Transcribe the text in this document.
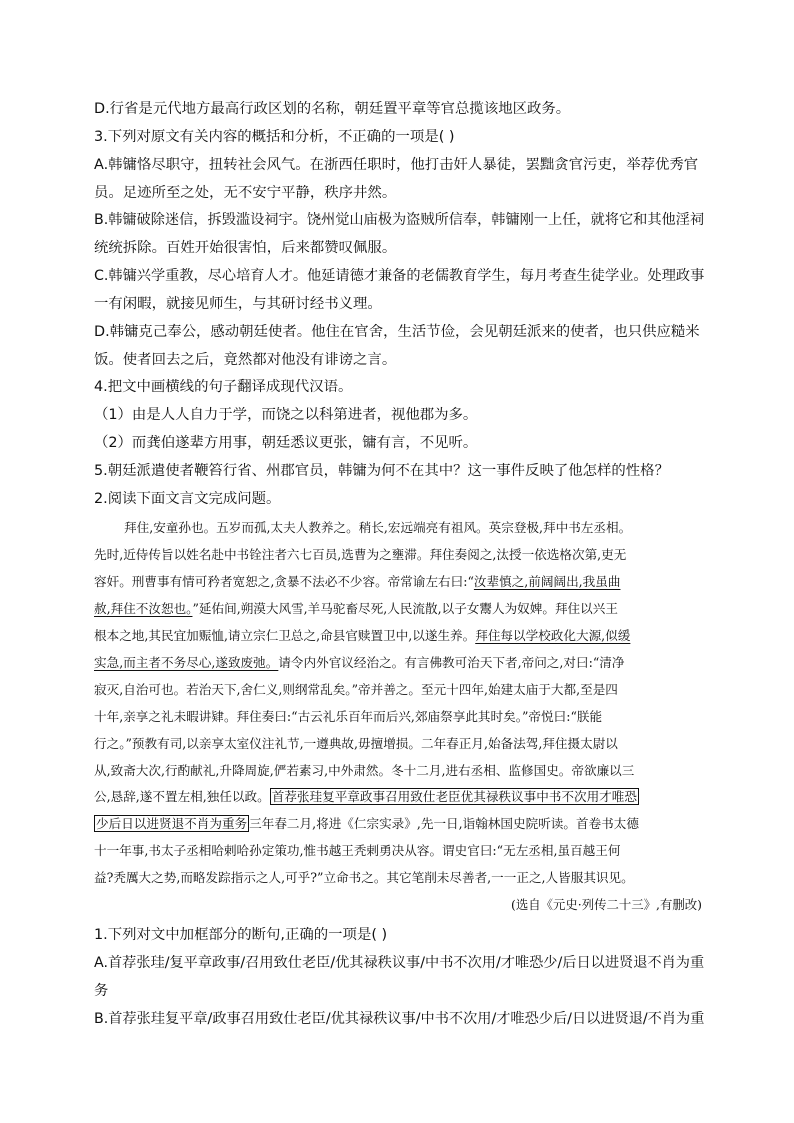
D.行省是元代地方最高行政区划的名称，朝廷置平章等官总揽该地区政务。
3.下列对原文有关内容的概括和分析，不正确的一项是( )
A.韩镛恪尽职守，扭转社会风气。在浙西任职时，他打击奸人暴徒，罢黜贪官污吏，举荐优秀官
员。足迹所至之处，无不安宁平静，秩序井然。
B.韩镛破除迷信，拆毁滥设祠宇。饶州觉山庙极为盗贼所信奉，韩镛刚一上任，就将它和其他淫祠
统统拆除。百姓开始很害怕，后来都赞叹佩服。
C.韩镛兴学重教，尽心培育人才。他延请德才兼备的老儒教育学生，每月考查生徒学业。处理政事
一有闲暇，就接见师生，与其研讨经书义理。
D.韩镛克己奉公，感动朝廷使者。他住在官舍，生活节俭，会见朝廷派来的使者，也只供应糙米
饭。使者回去之后，竟然都对他没有诽谤之言。
4.把文中画横线的句子翻译成现代汉语。
（1）由是人人自力于学，而饶之以科第进者，视他郡为多。
（2）而龚伯遂辈方用事，朝廷悉议更张，镛有言，不见听。
5.朝廷派遣使者鞭笞行省、州郡官员，韩镛为何不在其中？这一事件反映了他怎样的性格？
2.阅读下面文言文完成问题。
拜住,安童孙也。五岁而孤,太夫人教养之。稍长,宏远端亮有祖风。英宗登极,拜中书左丞相。
先时,近侍传旨以姓名赴中书铨注者六七百员,选曹为之壅滞。拜住奏阅之,汰授一依选格次第,吏无
容奸。刑曹事有情可矜者宽恕之,贪暴不法必不少容。帝常谕左右曰:“汝辈慎之,前阔阔出,我虽曲
赦,拜住不汝恕也。”延佑间,朔漠大风雪,羊马驼畜尽死,人民流散,以子女鬻人为奴婢。拜住以兴王
根本之地,其民宜加赈恤,请立宗仁卫总之,命县官赎置卫中,以遂生养。拜住每以学校政化大源,似缓
实急,而主者不务尽心,遂致废弛。请令内外官议经治之。有言佛教可治天下者,帝问之,对曰:“清净
寂灭,自治可也。若治天下,舍仁义,则纲常乱矣。”帝并善之。至元十四年,始建太庙于大都,至是四
十年,亲享之礼未暇讲肄。拜住奏曰:“古云礼乐百年而后兴,郊庙祭享此其时矣。”帝悦曰:“朕能
行之。”预教有司,以亲享太室仪注礼节,一遵典故,毋擅增损。二年春正月,始备法驾,拜住摄太尉以
从,致斋大次,行酌献礼,升降周旋,俨若素习,中外肃然。冬十二月,进右丞相、监修国史。帝欲廉以三
公,恳辞,遂不置左相,独任以政。 首荐张珪复平章政事召用致仕老臣优其禄秩议事中书不次用才唯恐
少后日以进贤退不肖为重务 三年春二月,将进《仁宗实录》,先一日,诣翰林国史院听读。首卷书太德
十一年事,书太子丞相哈剌哈孙定策功,惟书越王秃剌勇决从容。谓史官曰:“无左丞相,虽百越王何
益?秃厲大之势,而略发踪指示之人,可乎?”立命书之。其它笔削未尽善者,一一正之,人皆服其识见。
(选自《元史·列传二十三》,有删改)
1.下列对文中加框部分的断句,正确的一项是( )
A.首荐张珪/复平章政事/召用致仕老臣/优其禄秩议事/中书不次用/才唯恐少/后日以进贤退不肖为重
务
B.首荐张珪复平章/政事召用致仕老臣/优其禄秩议事/中书不次用/才唯恐少后/日以进贤退/不肖为重
